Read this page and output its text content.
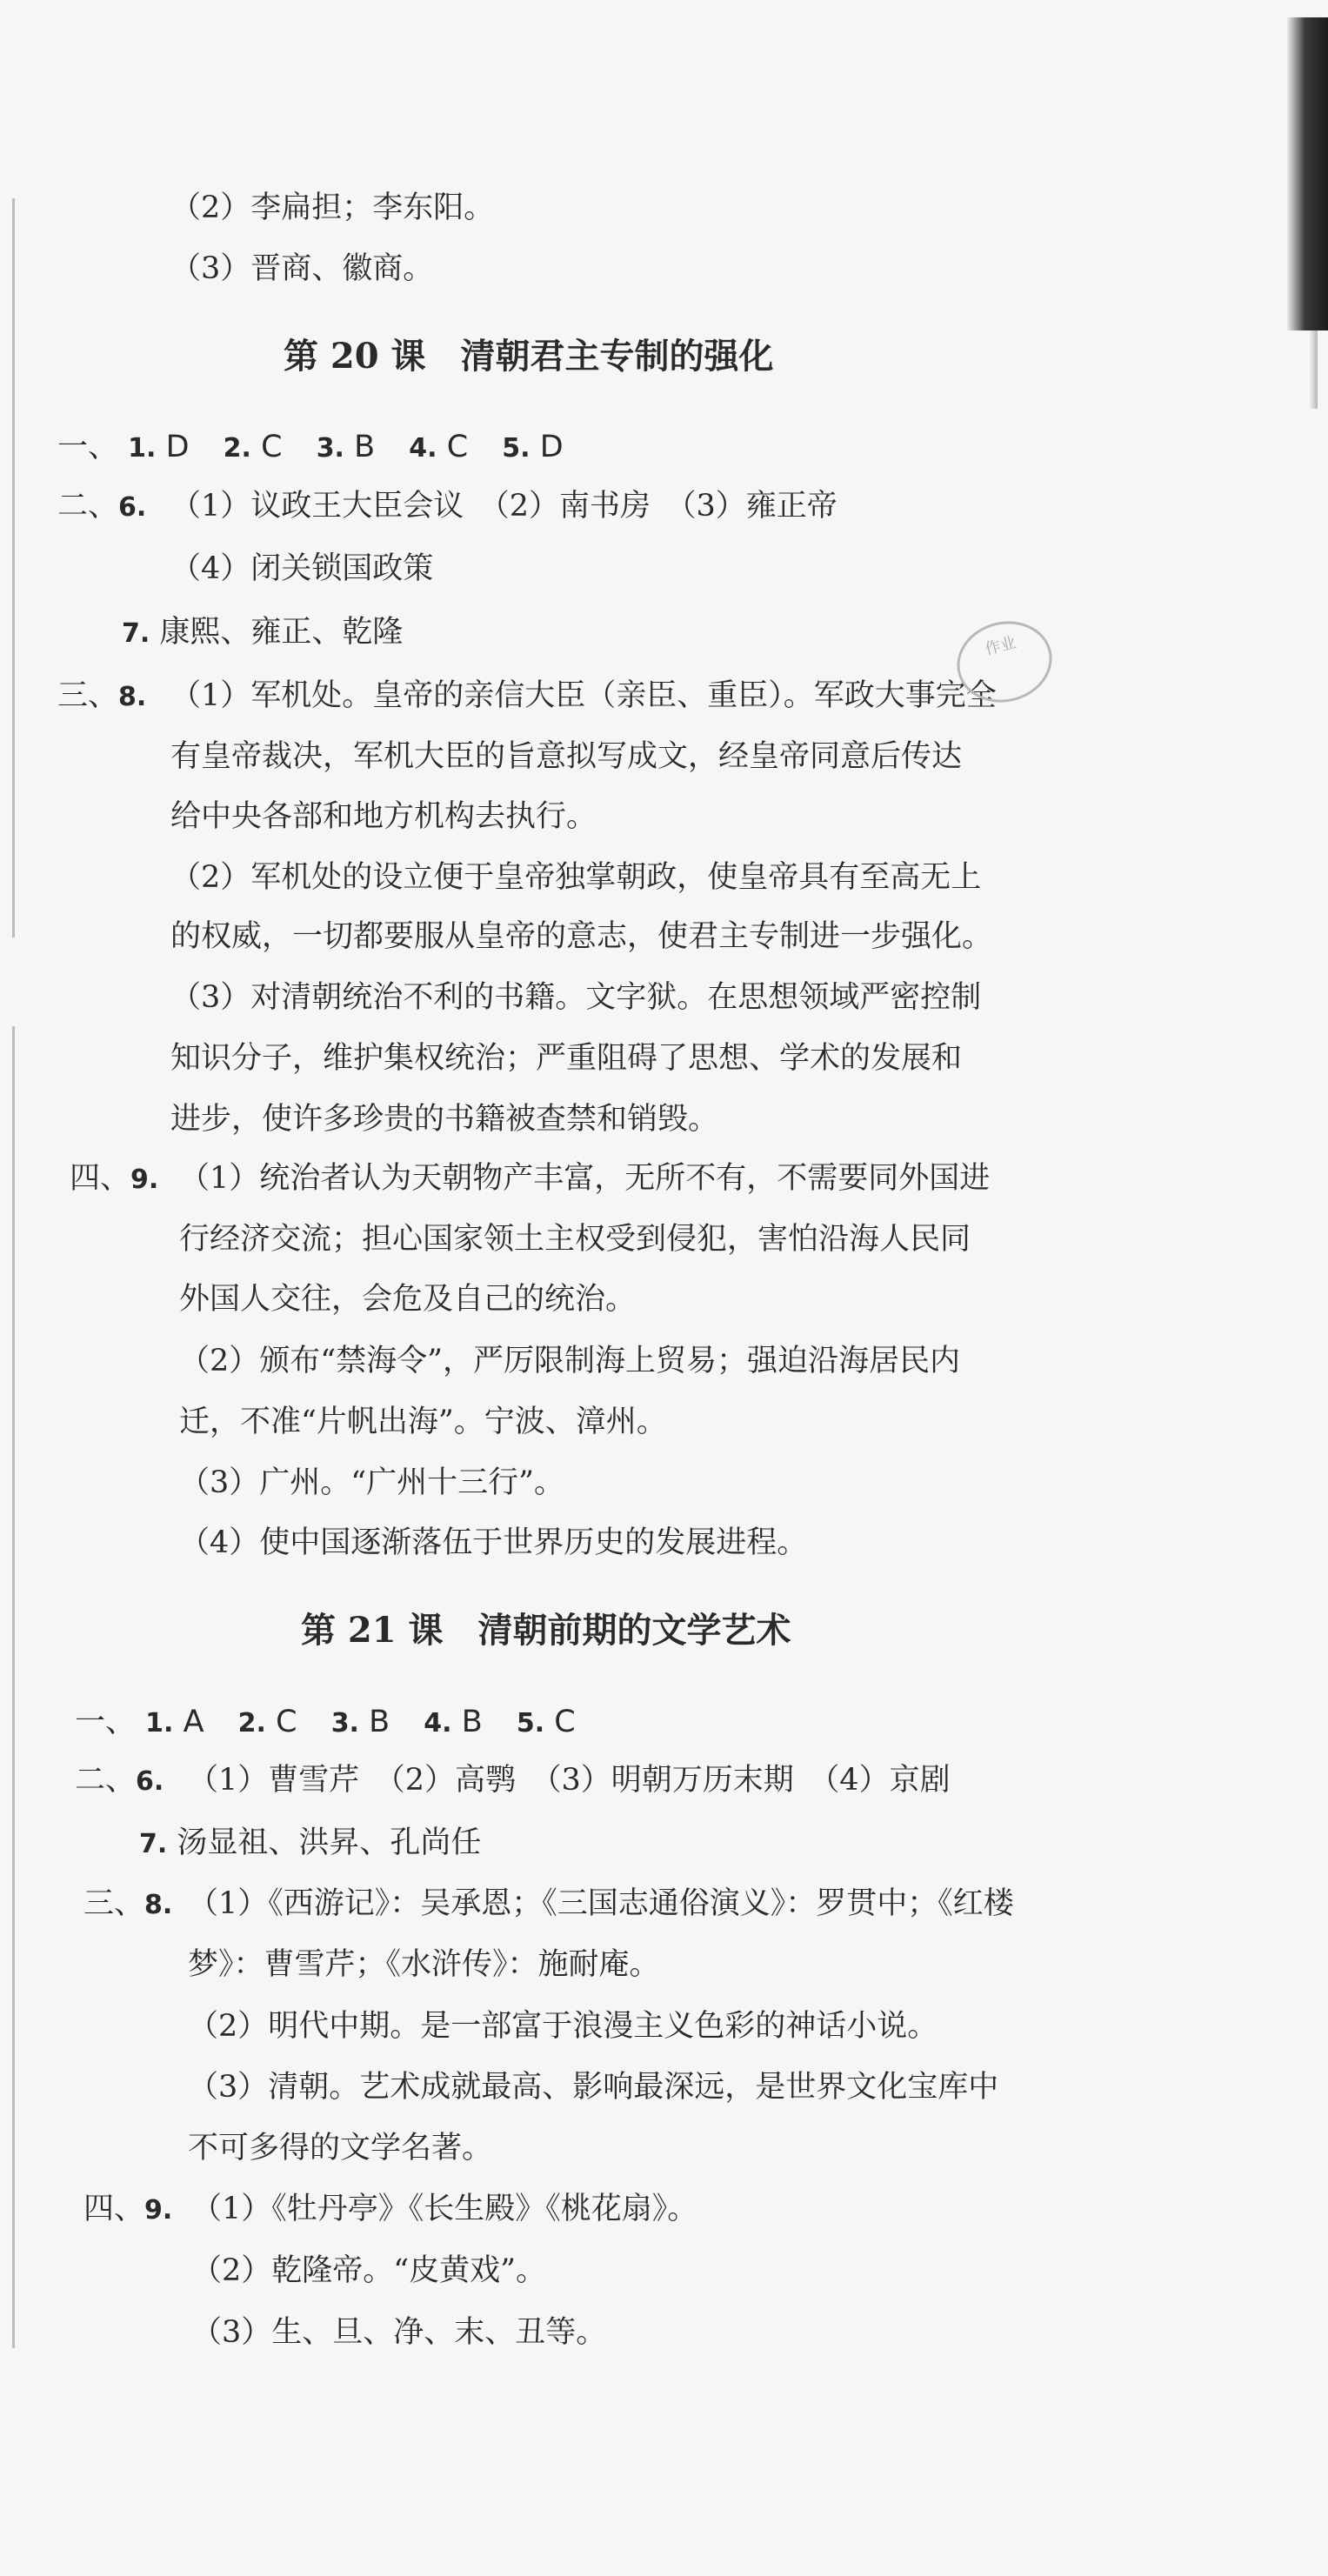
（2）李扁担；李东阳。
（3）晋商、徽商。
第 20 课　清朝君主专制的强化
一、 1. D 2. C 3. B 4. C 5. D
二、6. （1）议政王大臣会议　（2）南书房　（3）雍正帝
（4）闭关锁国政策
7. 康熙、雍正、乾隆
三、8. （1）军机处。皇帝的亲信大臣（亲臣、重臣）。军政大事完全
有皇帝裁决，军机大臣的旨意拟写成文，经皇帝同意后传达
给中央各部和地方机构去执行。
（2）军机处的设立便于皇帝独掌朝政，使皇帝具有至高无上
的权威，一切都要服从皇帝的意志，使君主专制进一步强化。
（3）对清朝统治不利的书籍。文字狱。在思想领域严密控制
知识分子，维护集权统治；严重阻碍了思想、学术的发展和
进步，使许多珍贵的书籍被查禁和销毁。
四、9. （1）统治者认为天朝物产丰富，无所不有，不需要同外国进
行经济交流；担心国家领土主权受到侵犯，害怕沿海人民同
外国人交往，会危及自己的统治。
（2）颁布“禁海令”，严厉限制海上贸易；强迫沿海居民内
迁，不准“片帆出海”。宁波、漳州。
（3）广州。“广州十三行”。
（4）使中国逐渐落伍于世界历史的发展进程。
第 21 课　清朝前期的文学艺术
一、 1. A 2. C 3. B 4. B 5. C
二、6. （1）曹雪芹　（2）高鹗　（3）明朝万历末期　（4）京剧
7. 汤显祖、洪昇、孔尚任
三、8. （1）《西游记》：吴承恩；《三国志通俗演义》：罗贯中；《红楼
梦》：曹雪芹；《水浒传》：施耐庵。
（2）明代中期。是一部富于浪漫主义色彩的神话小说。
（3）清朝。艺术成就最高、影响最深远，是世界文化宝库中
不可多得的文学名著。
四、9. （1）《牡丹亭》《长生殿》《桃花扇》。
（2）乾隆帝。“皮黄戏”。
（3）生、旦、净、末、丑等。
作业
